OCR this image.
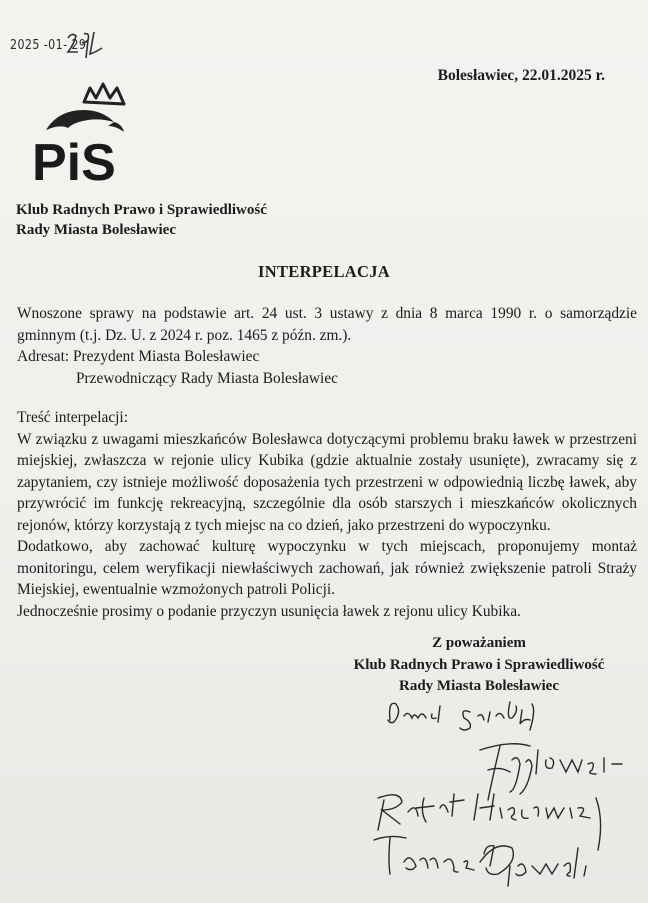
2025 -01- 29
Bolesławiec, 22.01.2025 r.
PiS
Klub Radnych Prawo i Sprawiedliwość
Rady Miasta Bolesławiec
INTERPELACJA
Wnoszone sprawy na podstawie art. 24 ust. 3 ustawy z dnia 8 marca 1990 r. o samorządzie gminnym (t.j. Dz. U. z 2024 r. poz. 1465 z późn. zm.).
Adresat: Prezydent Miasta Bolesławiec
Przewodniczący Rady Miasta Bolesławiec

Treść interpelacji:

W związku z uwagami mieszkańców Bolesławca dotyczącymi problemu braku ławek w przestrzeni miejskiej, zwłaszcza w rejonie ulicy Kubika (gdzie aktualnie zostały usunięte), zwracamy się z zapytaniem, czy istnieje możliwość doposażenia tych przestrzeni w odpowiednią liczbę ławek, aby przywrócić im funkcję rekreacyjną, szczególnie dla osób starszych i mieszkańców okolicznych rejonów, którzy korzystają z tych miejsc na co dzień, jako przestrzeni do wypoczynku.

Dodatkowo, aby zachować kulturę wypoczynku w tych miejscach, proponujemy montaż monitoringu, celem weryfikacji niewłaściwych zachowań, jak również zwiększenie patroli Straży Miejskiej, ewentualnie wzmożonych patroli Policji.

Jednocześnie prosimy o podanie przyczyn usunięcia ławek z rejonu ulicy Kubika.

Z poważaniem
Klub Radnych Prawo i Sprawiedliwość
Rady Miasta Bolesławiec
